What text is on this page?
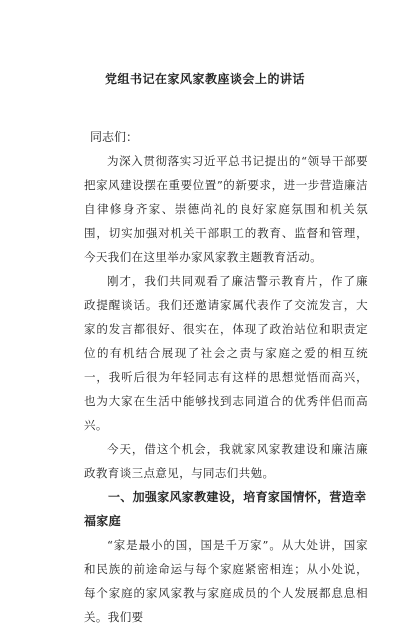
党组书记在家风家教座谈会上的讲话
同志们：

为深入贯彻落实习近平总书记提出的“领导干部要把家风建设摆在重要位置”的新要求，进一步营造廉洁自律修身齐家、崇德尚礼的良好家庭氛围和机关氛围，切实加强对机关干部职工的教育、监督和管理，今天我们在这里举办家风家教主题教育活动。

刚才，我们共同观看了廉洁警示教育片，作了廉政提醒谈话。我们还邀请家属代表作了交流发言，大家的发言都很好、很实在，体现了政治站位和职责定位的有机结合展现了社会之责与家庭之爱的相互统一，我听后很为年轻同志有这样的思想觉悟而高兴，也为大家在生活中能够找到志同道合的优秀伴侣而高兴。

今天，借这个机会，我就家风家教建设和廉洁廉政教育谈三点意见，与同志们共勉。

一、加强家风家教建设，培育家国情怀，营造幸福家庭

“家是最小的国，国是千万家”。从大处讲，国家和民族的前途命运与每个家庭紧密相连；从小处说，每个家庭的家风家教与家庭成员的个人发展都息息相关。我们要
